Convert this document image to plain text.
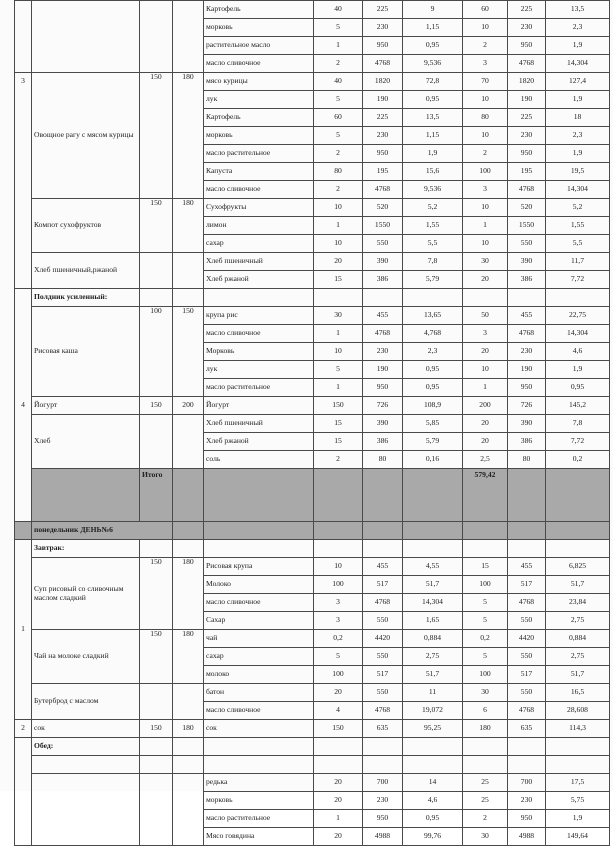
				Картофель	40	225	9	60	225	13,5	
				морковь	5	230	1,15	10	230	2,3	
				растительное масло	1	950	0,95	2	950	1,9	
				масло сливочное	2	4768	9,536	3	4768	14,304	
3	Овощное рагу с мясом курицы	150	180	мясо курицы	40	1820	72,8	70	1820	127,4	
				лук	5	190	0,95	10	190	1,9	
				Картофель	60	225	13,5	80	225	18	
				морковь	5	230	1,15	10	230	2,3	
				масло растительное	2	950	1,9	2	950	1,9	
				Капуста	80	195	15,6	100	195	19,5	
				масло сливочное	2	4768	9,536	3	4768	14,304	
	Компот сухофруктов	150	180	Сухофрукты	10	520	5,2	10	520	5,2	
				лимон	1	1550	1,55	1	1550	1,55	
				сахар	10	550	5,5	10	550	5,5	
	Хлеб пшеничный,ржаной			Хлеб пшеничный	20	390	7,8	30	390	11,7	
				Хлеб ржаной	15	386	5,79	20	386	7,72	
4	Полдник усиленный:										
	Рисовая каша	100	150	крупа рис	30	455	13,65	50	455	22,75	
				масло сливочное	1	4768	4,768	3	4768	14,304	
				Морковь	10	230	2,3	20	230	4,6	
				лук	5	190	0,95	10	190	1,9	
				масло растительное	1	950	0,95	1	950	0,95	
	Йогурт	150	200	Йогурт	150	726	108,9	200	726	145,2	
	Хлеб			Хлеб пшеничный	15	390	5,85	20	390	7,8	
				Хлеб ржаной	15	386	5,79	20	386	7,72	
				соль	2	80	0,16	2,5	80	0,2	
		Итого						579,42			
	понедельник ДЕНЬ№6										
1	Завтрак:										
	Суп рисовый со сливочным маслом сладкий	150	180	Рисовая крупа	10	455	4,55	15	455	6,825	
				Молоко	100	517	51,7	100	517	51,7	
				масло сливочное	3	4768	14,304	5	4768	23,84	
				Сахар	3	550	1,65	5	550	2,75	
	Чай на молоке сладкий	150	180	чай	0,2	4420	0,884	0,2	4420	0,884	
				сахар	5	550	2,75	5	550	2,75	
				молоко	100	517	51,7	100	517	51,7	
	Бутерброд с маслом			батон	20	550	11	30	550	16,5	
				масло сливочное	4	4768	19,072	6	4768	28,608	
2	сок	150	180	сок	150	635	95,25	180	635	114,3	
	Обед:										

				редька	20	700	14	25	700	17,5	
				морковь	20	230	4,6	25	230	5,75	
				масло растительное	1	950	0,95	2	950	1,9	
				Мясо говядина	20	4988	99,76	30	4988	149,64	
